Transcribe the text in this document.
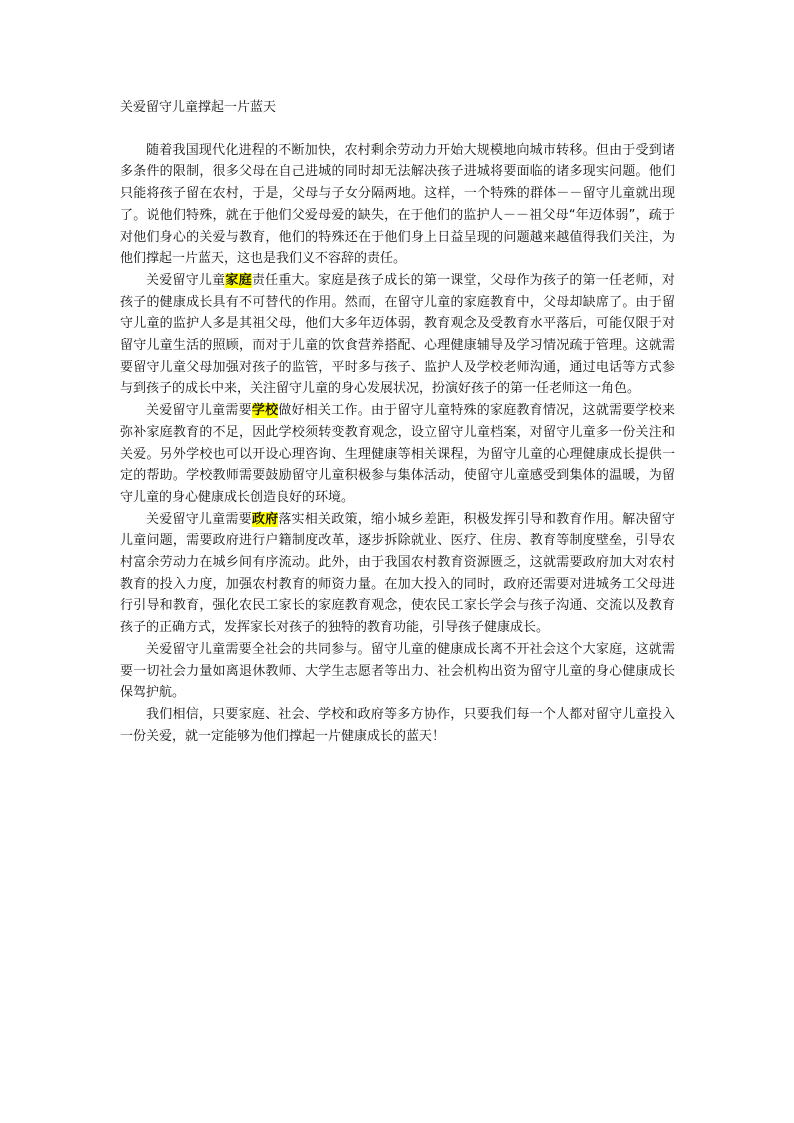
关爱留守儿童撑起一片蓝天

随着我国现代化进程的不断加快，农村剩余劳动力开始大规模地向城市转移。但由于受到诸多条件的限制，很多父母在自己进城的同时却无法解决孩子进城将要面临的诸多现实问题。他们只能将孩子留在农村，于是，父母与子女分隔两地。这样，一个特殊的群体－－留守儿童就出现了。说他们特殊，就在于他们父爱母爱的缺失，在于他们的监护人－－祖父母“年迈体弱”，疏于对他们身心的关爱与教育，他们的特殊还在于他们身上日益呈现的问题越来越值得我们关注，为他们撑起一片蓝天，这也是我们义不容辞的责任。

关爱留守儿童家庭责任重大。家庭是孩子成长的第一课堂，父母作为孩子的第一任老师，对孩子的健康成长具有不可替代的作用。然而，在留守儿童的家庭教育中，父母却缺席了。由于留守儿童的监护人多是其祖父母，他们大多年迈体弱，教育观念及受教育水平落后，可能仅限于对留守儿童生活的照顾，而对于儿童的饮食营养搭配、心理健康辅导及学习情况疏于管理。这就需要留守儿童父母加强对孩子的监管，平时多与孩子、监护人及学校老师沟通，通过电话等方式参与到孩子的成长中来，关注留守儿童的身心发展状况，扮演好孩子的第一任老师这一角色。

关爱留守儿童需要学校做好相关工作。由于留守儿童特殊的家庭教育情况，这就需要学校来弥补家庭教育的不足，因此学校须转变教育观念，设立留守儿童档案，对留守儿童多一份关注和关爱。另外学校也可以开设心理咨询、生理健康等相关课程，为留守儿童的心理健康成长提供一定的帮助。学校教师需要鼓励留守儿童积极参与集体活动，使留守儿童感受到集体的温暖，为留守儿童的身心健康成长创造良好的环境。

关爱留守儿童需要政府落实相关政策，缩小城乡差距，积极发挥引导和教育作用。解决留守儿童问题，需要政府进行户籍制度改革，逐步拆除就业、医疗、住房、教育等制度壁垒，引导农村富余劳动力在城乡间有序流动。此外，由于我国农村教育资源匮乏，这就需要政府加大对农村教育的投入力度，加强农村教育的师资力量。在加大投入的同时，政府还需要对进城务工父母进行引导和教育，强化农民工家长的家庭教育观念，使农民工家长学会与孩子沟通、交流以及教育孩子的正确方式，发挥家长对孩子的独特的教育功能，引导孩子健康成长。

关爱留守儿童需要全社会的共同参与。留守儿童的健康成长离不开社会这个大家庭，这就需要一切社会力量如离退休教师、大学生志愿者等出力、社会机构出资为留守儿童的身心健康成长保驾护航。

我们相信，只要家庭、社会、学校和政府等多方协作，只要我们每一个人都对留守儿童投入一份关爱，就一定能够为他们撑起一片健康成长的蓝天！
